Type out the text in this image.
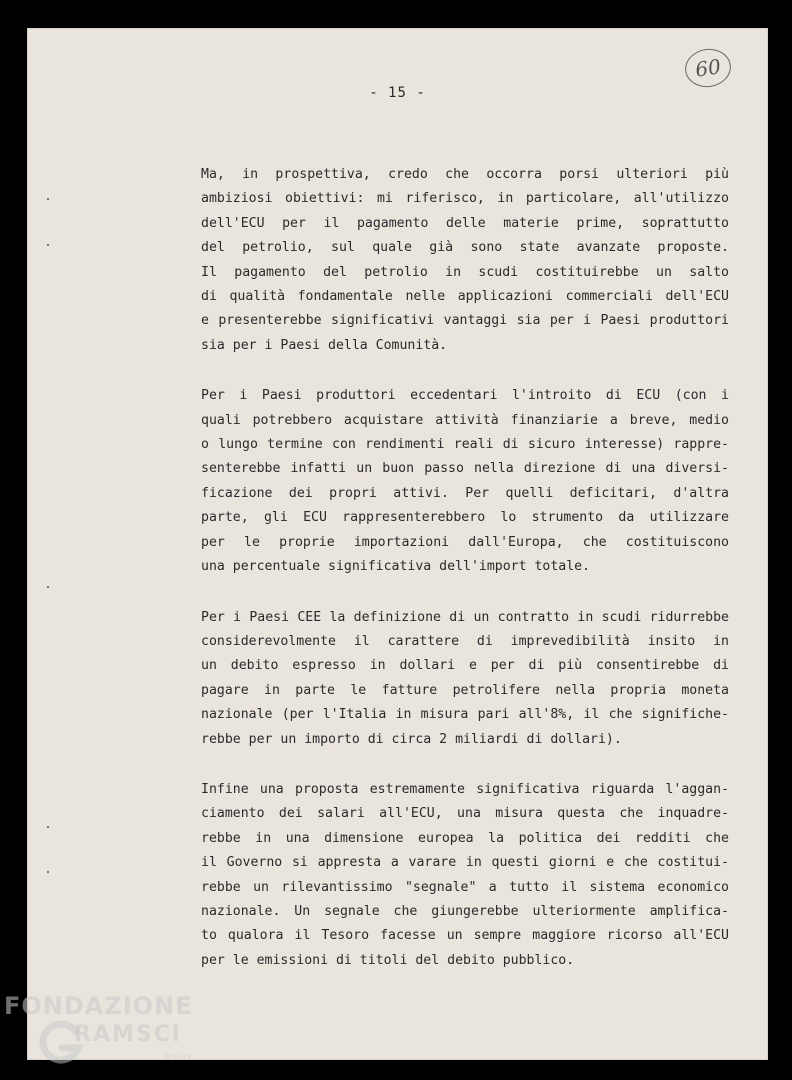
- 15 -
60
Ma, in prospettiva, credo che occorra porsi ulteriori più
ambiziosi obiettivi: mi riferisco, in particolare, all'utilizzo
dell'ECU per il pagamento delle materie prime, soprattutto
del petrolio, sul quale già sono state avanzate proposte.
Il pagamento del petrolio in scudi costituirebbe un salto
di qualità fondamentale nelle applicazioni commerciali dell'ECU
e presenterebbe significativi vantaggi sia per i Paesi produttori
sia per i Paesi della Comunità.
Per i Paesi produttori eccedentari l'introito di ECU (con i
quali potrebbero acquistare attività finanziarie a breve, medio
o lungo termine con rendimenti reali di sicuro interesse) rappre-
senterebbe infatti un buon passo nella direzione di una diversi-
ficazione dei propri attivi. Per quelli deficitari, d'altra
parte, gli ECU rappresenterebbero lo strumento da utilizzare
per le proprie importazioni dall'Europa, che costituiscono
una percentuale significativa dell'import totale.
Per i Paesi CEE la definizione di un contratto in scudi ridurrebbe
considerevolmente il carattere di imprevedibilità insito in
un debito espresso in dollari e per di più consentirebbe di
pagare in parte le fatture petrolifere nella propria moneta
nazionale (per l'Italia in misura pari all'8%, il che significhe-
rebbe per un importo di circa 2 miliardi di dollari).
Infine una proposta estremamente significativa riguarda l'aggan-
ciamento dei salari all'ECU, una misura questa che inquadre-
rebbe in una dimensione europea la politica dei redditi che
il Governo si appresta a varare in questi giorni e che costitui-
rebbe un rilevantissimo "segnale" a tutto il sistema economico
nazionale. Un segnale che giungerebbe ulteriormente amplifica-
to qualora il Tesoro facesse un sempre maggiore ricorso all'ECU
per le emissioni di titoli del debito pubblico.
FONDAZIONE
RAMSCI
Onlus
